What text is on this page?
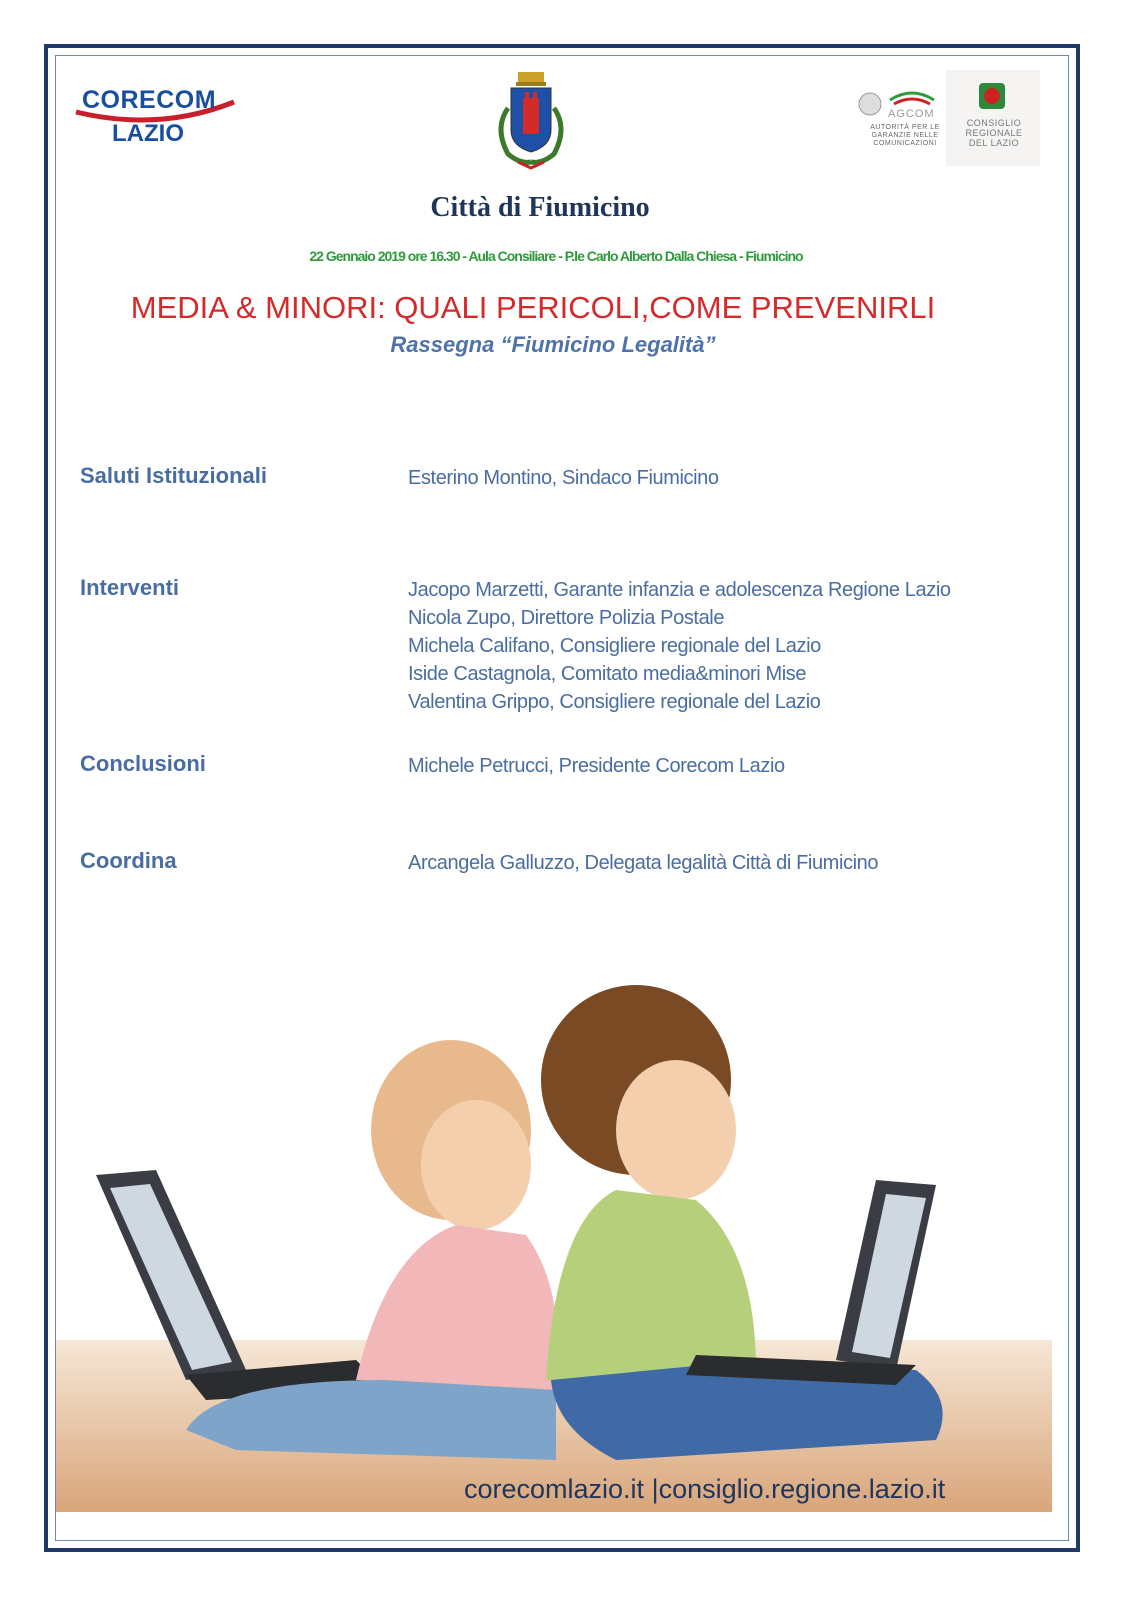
CORECOM
LAZIO
AGCOM
AUTORITÀ PER LE GARANZIE NELLE COMUNICAZIONI
CONSIGLIO REGIONALE DEL LAZIO
Città di Fiumicino
22 Gennaio 2019 ore 16.30 - Aula Consiliare - P.le Carlo Alberto Dalla Chiesa - Fiumicino
MEDIA & MINORI: QUALI PERICOLI,COME PREVENIRLI
Rassegna “Fiumicino Legalità”
Saluti Istituzionali	Esterino Montino, Sindaco Fiumicino
Interventi	Jacopo Marzetti, Garante infanzia e adolescenza Regione Lazio
Nicola Zupo, Direttore Polizia Postale
Michela Califano, Consigliere regionale del Lazio
Iside Castagnola, Comitato media&minori Mise
Valentina Grippo, Consigliere regionale del Lazio
Conclusioni	Michele Petrucci, Presidente Corecom Lazio
Coordina	Arcangela Galluzzo, Delegata legalità Città di Fiumicino
corecomlazio.it |consiglio.regione.lazio.it
